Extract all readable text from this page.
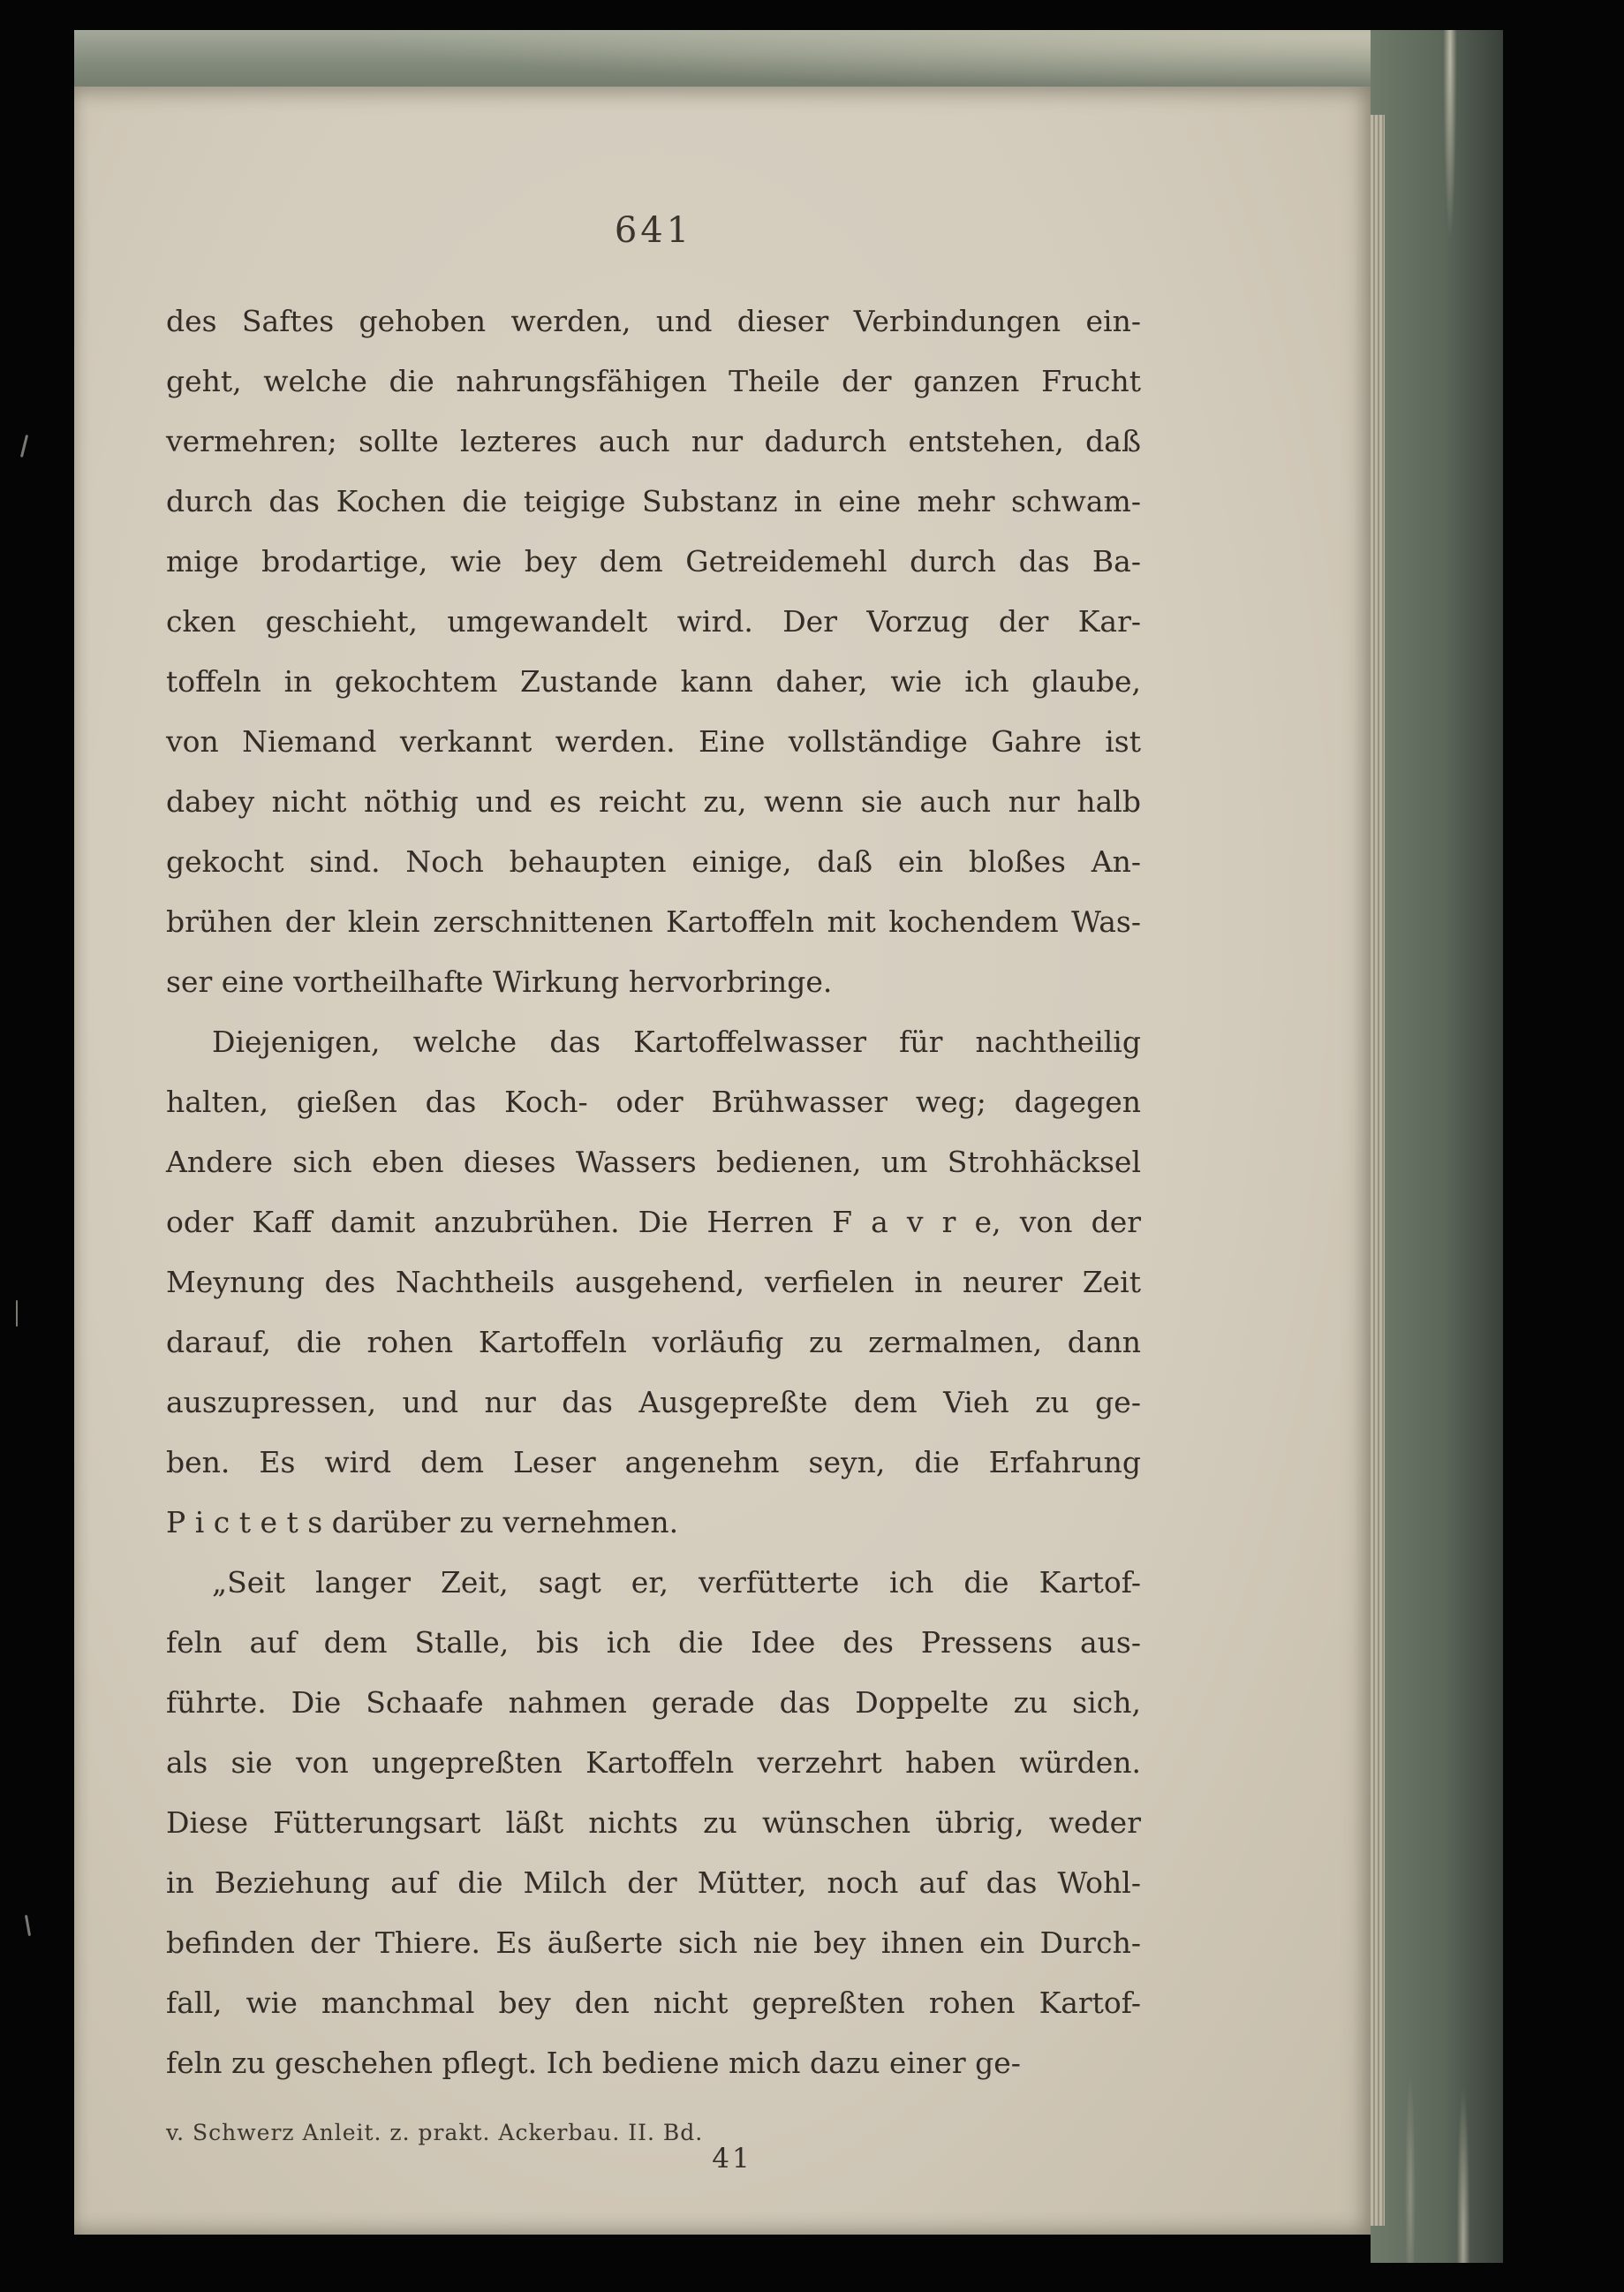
641
des Saftes gehoben werden, und dieser Verbindungen ein-
geht, welche die nahrungsfähigen Theile der ganzen Frucht
vermehren; sollte lezteres auch nur dadurch entstehen, daß
durch das Kochen die teigige Substanz in eine mehr schwam-
mige brodartige, wie bey dem Getreidemehl durch das Ba-
cken geschieht, umgewandelt wird. Der Vorzug der Kar-
toffeln in gekochtem Zustande kann daher, wie ich glaube,
von Niemand verkannt werden. Eine vollständige Gahre ist
dabey nicht nöthig und es reicht zu, wenn sie auch nur halb
gekocht sind. Noch behaupten einige, daß ein bloßes An-
brühen der klein zerschnittenen Kartoffeln mit kochendem Was-
ser eine vortheilhafte Wirkung hervorbringe.
Diejenigen, welche das Kartoffelwasser für nachtheilig
halten, gießen das Koch- oder Brühwasser weg; dagegen
Andere sich eben dieses Wassers bedienen, um Strohhäcksel
oder Kaff damit anzubrühen. Die Herren F a v r e, von der
Meynung des Nachtheils ausgehend, verfielen in neurer Zeit
darauf, die rohen Kartoffeln vorläufig zu zermalmen, dann
auszupressen, und nur das Ausgepreßte dem Vieh zu ge-
ben. Es wird dem Leser angenehm seyn, die Erfahrung
P i c t e t s darüber zu vernehmen.
„Seit langer Zeit, sagt er, verfütterte ich die Kartof-
feln auf dem Stalle, bis ich die Idee des Pressens aus-
führte. Die Schaafe nahmen gerade das Doppelte zu sich,
als sie von ungepreßten Kartoffeln verzehrt haben würden.
Diese Fütterungsart läßt nichts zu wünschen übrig, weder
in Beziehung auf die Milch der Mütter, noch auf das Wohl-
befinden der Thiere. Es äußerte sich nie bey ihnen ein Durch-
fall, wie manchmal bey den nicht gepreßten rohen Kartof-
feln zu geschehen pflegt. Ich bediene mich dazu einer ge-
v. Schwerz Anleit. z. prakt. Ackerbau. II. Bd.
41
